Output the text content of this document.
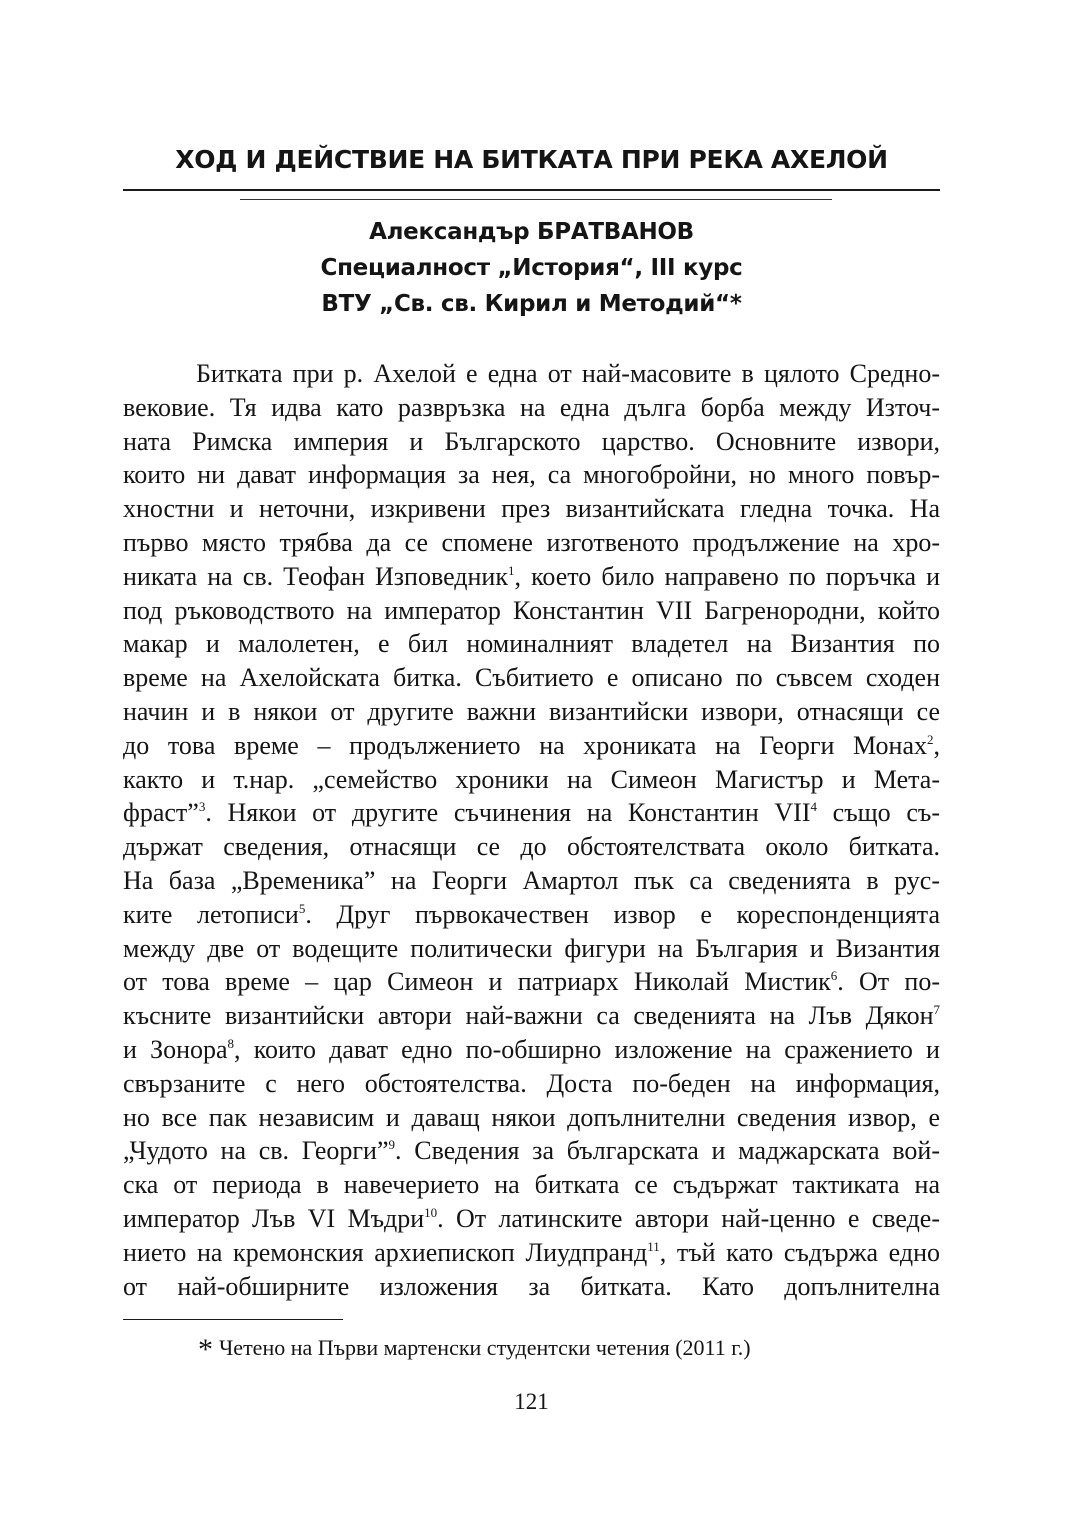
ХОД И ДЕЙСТВИЕ НА БИТКАТА ПРИ РЕКА АХЕЛОЙ
Александър БРАТВАНОВ
Специалност „История“, III курс
ВТУ „Св. св. Кирил и Методий“*
Битката при р. Ахелой е една от най-масовите в цялото Средно-
вековие. Тя идва като развръзка на една дълга борба между Източ-
ната Римска империя и Българското царство. Основните извори,
които ни дават информация за нея, са многобройни, но много повър-
хностни и неточни, изкривени през византийската гледна точка. На
първо място трябва да се спомене изготвеното продължение на хро-
никата на св. Теофан Изповедник$^1$, което било направено по поръчка и
под ръководството на император Константин VII Багренородни, който
макар и малолетен, е бил номиналният владетел на Византия по
време на Ахелойската битка. Събитието е описано по съвсем сходен
начин и в някои от другите важни византийски извори, отнасящи се
до това време – продължението на хрониката на Георги Монах$^2$,
както и т.нар. „семейство хроники на Симеон Магистър и Мета-
фраст”$^3$. Някои от другите съчинения на Константин VII$^4$ също съ-
държат сведения, отнасящи се до обстоятелствата около битката.
На база „Временика” на Георги Амартол пък са сведенията в рус-
ките летописи$^5$. Друг първокачествен извор е кореспонденцията
между две от водещите политически фигури на България и Византия
от това време – цар Симеон и патриарх Николай Мистик$^6$. От по-
късните византийски автори най-важни са сведенията на Лъв Дякон$^7$
и Зонора$^8$, които дават едно по-обширно изложение на сражението и
свързаните с него обстоятелства. Доста по-беден на информация,
но все пак независим и даващ някои допълнителни сведения извор, е
„Чудото на св. Георги”$^9$. Сведения за българската и маджарската вой-
ска от периода в навечерието на битката се съдържат тактиката на
император Лъв VI Мъдри$^{10}$. От латинските автори най-ценно е сведе-
нието на кремонския архиепископ Лиудпранд$^{11}$, тъй като съдържа едно
от най-обширните изложения за битката. Като допълнителна
* Четено на Първи мартенски студентски четения (2011 г.)
121
